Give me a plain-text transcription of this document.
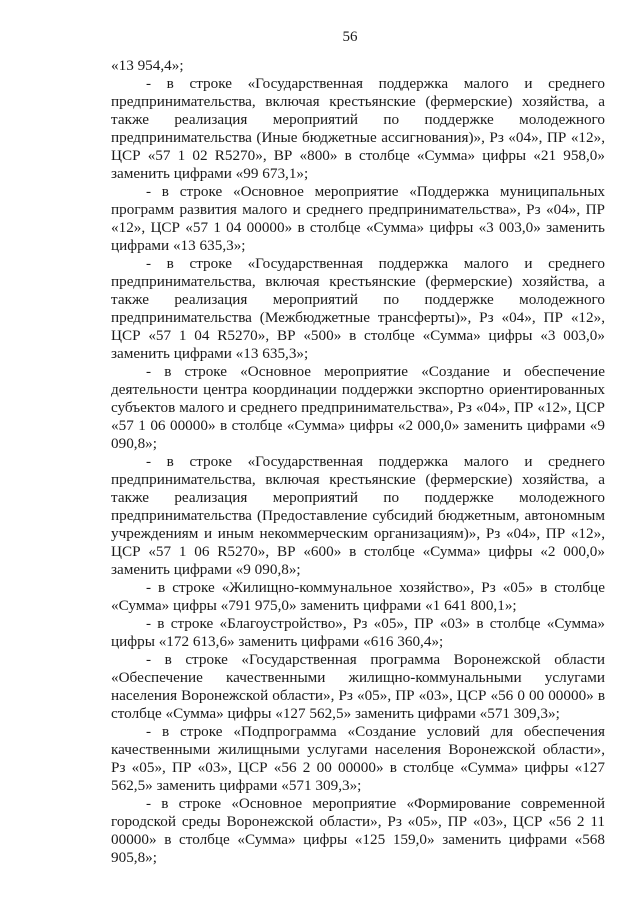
56

«13 954,4»;

- в строке «Государственная поддержка малого и среднего предпринимательства, включая крестьянские (фермерские) хозяйства, а также реализация мероприятий по поддержке молодежного предпринимательства (Иные бюджетные ассигнования)», Рз «04», ПР «12», ЦСР «57 1 02 R5270», ВР «800» в столбце «Сумма» цифры «21 958,0» заменить цифрами «99 673,1»;

- в строке «Основное мероприятие «Поддержка муниципальных программ развития малого и среднего предпринимательства», Рз «04», ПР «12», ЦСР «57 1 04 00000» в столбце «Сумма» цифры «3 003,0» заменить цифрами «13 635,3»;

- в строке «Государственная поддержка малого и среднего предпринимательства, включая крестьянские (фермерские) хозяйства, а также реализация мероприятий по поддержке молодежного предпринимательства (Межбюджетные трансферты)», Рз «04», ПР «12», ЦСР «57 1 04 R5270», ВР «500» в столбце «Сумма» цифры «3 003,0» заменить цифрами «13 635,3»;

- в строке «Основное мероприятие «Создание и обеспечение деятельности центра координации поддержки экспортно ориентированных субъектов малого и среднего предпринимательства», Рз «04», ПР «12», ЦСР «57 1 06 00000» в столбце «Сумма» цифры «2 000,0» заменить цифрами «9 090,8»;

- в строке «Государственная поддержка малого и среднего предпринимательства, включая крестьянские (фермерские) хозяйства, а также реализация мероприятий по поддержке молодежного предпринимательства (Предоставление субсидий бюджетным, автономным учреждениям и иным некоммерческим организациям)», Рз «04», ПР «12», ЦСР «57 1 06 R5270», ВР «600» в столбце «Сумма» цифры «2 000,0» заменить цифрами «9 090,8»;

- в строке «Жилищно-коммунальное хозяйство», Рз «05» в столбце «Сумма» цифры «791 975,0» заменить цифрами «1 641 800,1»;

- в строке «Благоустройство», Рз «05», ПР «03» в столбце «Сумма» цифры «172 613,6» заменить цифрами «616 360,4»;

- в строке «Государственная программа Воронежской области «Обеспечение качественными жилищно-коммунальными услугами населения Воронежской области», Рз «05», ПР «03», ЦСР «56 0 00 00000» в столбце «Сумма» цифры «127 562,5» заменить цифрами «571 309,3»;

- в строке «Подпрограмма «Создание условий для обеспечения качественными жилищными услугами населения Воронежской области», Рз «05», ПР «03», ЦСР «56 2 00 00000» в столбце «Сумма» цифры «127 562,5» заменить цифрами «571 309,3»;

- в строке «Основное мероприятие «Формирование современной городской среды Воронежской области», Рз «05», ПР «03», ЦСР «56 2 11 00000» в столбце «Сумма» цифры «125 159,0» заменить цифрами «568 905,8»;
